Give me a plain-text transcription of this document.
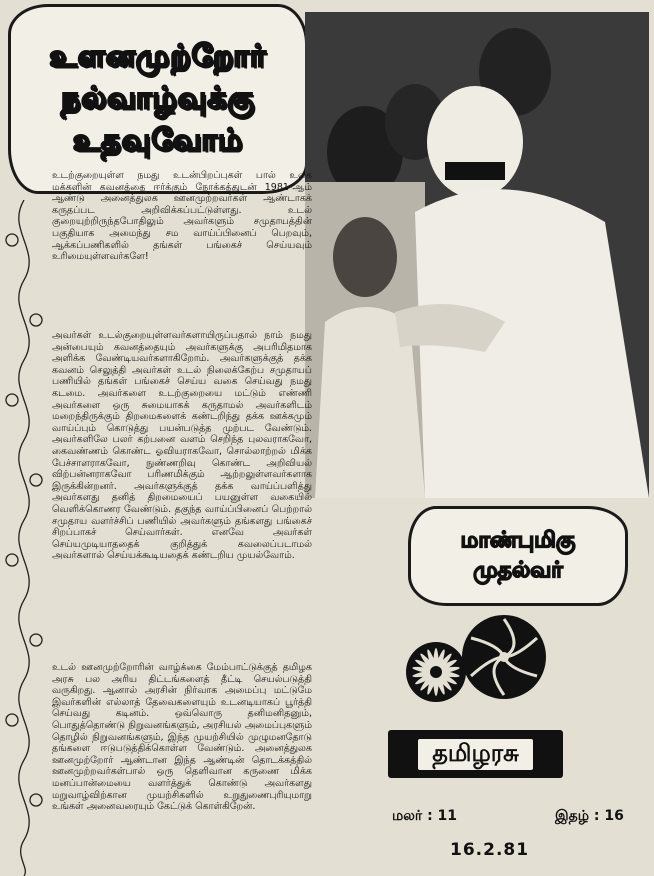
உளனமுற்றோர்
நல்வாழ்வுக்கு
உதவுவோம்
உடற்குறையுள்ள நமது உடன்பிறப்புகள் பால் உலக மக்களின் கவனத்தை ஈர்க்கும் நோக்கத்துடன் 1981-ஆம் ஆண்டு அனைத்துலக ஊனமுற்றவர்கள் ஆண்டாகக் கருதப்பட அறிவிக்கப்பட்டுள்ளது. உடல் குறையுற்றிருந்தபோதிலும் அவர்களும் சமுதாயத்தின் பகுதியாக அமைந்து சம வாய்ப்பினைப் பெறவும், ஆக்கப்பணிகளில் தங்கள் பங்கைச் செய்யவும் உரிமையுள்ளவர்களே!
அவர்கள் உடல்குறையுள்ளவர்களாயிருப்பதால் நாம் நமது அன்பையும் கவனத்தையும் அவர்களுக்கு அபரிமிதமாக அளிக்க வேண்டியவர்களாகிறோம். அவர்களுக்குத் தக்க கவனம் செலுத்தி அவர்கள் உடல் நிலைக்கேற்ப சமுதாயப் பணியில் தங்கள் பங்கைச் செய்ய வகை செய்வது நமது கடமை. அவர்களை உடற்குறையை மட்டும் எண்ணி அவர்களை ஒரு சுமையாகக் கருதாமல் அவர்களிடம் மறைந்திருக்கும் திறமைகளைக் கண்டறிந்து தக்க ஊக்கமும் வாய்ப்பும் கொடுத்து பயன்படுத்த முற்பட வேண்டும். அவர்களிலே பலர் கற்பனை வளம் செறிந்த புலவராகவோ, கைவண்ணம் கொண்ட ஓவியராகவோ, சொல்லாற்றல் மிக்க பேச்சாளராகவோ, நுண்ணறிவு கொண்ட அறிவியல் விற்பன்னராகவோ பரிணமிக்கும் ஆற்றலுள்ளவர்களாக இருக்கின்றனர். அவர்களுக்குத் தக்க வாய்ப்பளித்து அவர்களது தனித் திறமையைப் பயனுள்ள வகையில் வெளிக்கொணர வேண்டும். தகுந்த வாய்ப்பினைப் பெற்றால் சமுதாய வளர்ச்சிப் பணியில் அவர்களும் தங்களது பங்கைச் சிறப்பாகச் செய்வார்கள். எனவே அவர்கள் செய்யமுடியாததைக் குறித்துக் கவலைப்படாமல் அவர்களால் செய்யக்கூடியதைக் கண்டறிய முயல்வோம்.
உடல் ஊனமுற்றோரின் வாழ்க்கை மேம்பாட்டுக்குத் தமிழக அரசு பல அரிய திட்டங்களைத் தீட்டி செயல்படுத்தி வருகிறது. ஆனால் அரசின் நிர்வாக அமைப்பு மட்டுமே இவர்களின் எல்லாத் தேவைகளையும் உடனடியாகப் பூர்த்தி செய்வது கடினம். ஒவ்வொரு தனிமனிதனும், பொதுத்தொண்டு நிறுவனங்களும், அரசியல் அமைப்புகளும் தொழில் நிறுவனங்களும், இந்த முயற்சியில் முழுமனதோடு தங்களை ஈடுபடுத்திக்கொள்ள வேண்டும். அனைத்துலக ஊனமுற்றோர் ஆண்டான இந்த ஆண்டின் தொடக்கத்தில் ஊனமுற்றவர்கள்பால் ஒரு தெளிவான கருணை மிக்க மனப்பான்மையை வளர்த்துக் கொண்டு அவர்களது மறுவாழ்விற்கான முயற்சிகளில் உறுதுணைபுரியுமாறு உங்கள் அனைவரையும் கேட்டுக் கொள்கிறேன்.
மாண்புமிகு
முதல்வர்
தமிழரசு
மலர் : 11	இதழ் : 16
16.2.81
